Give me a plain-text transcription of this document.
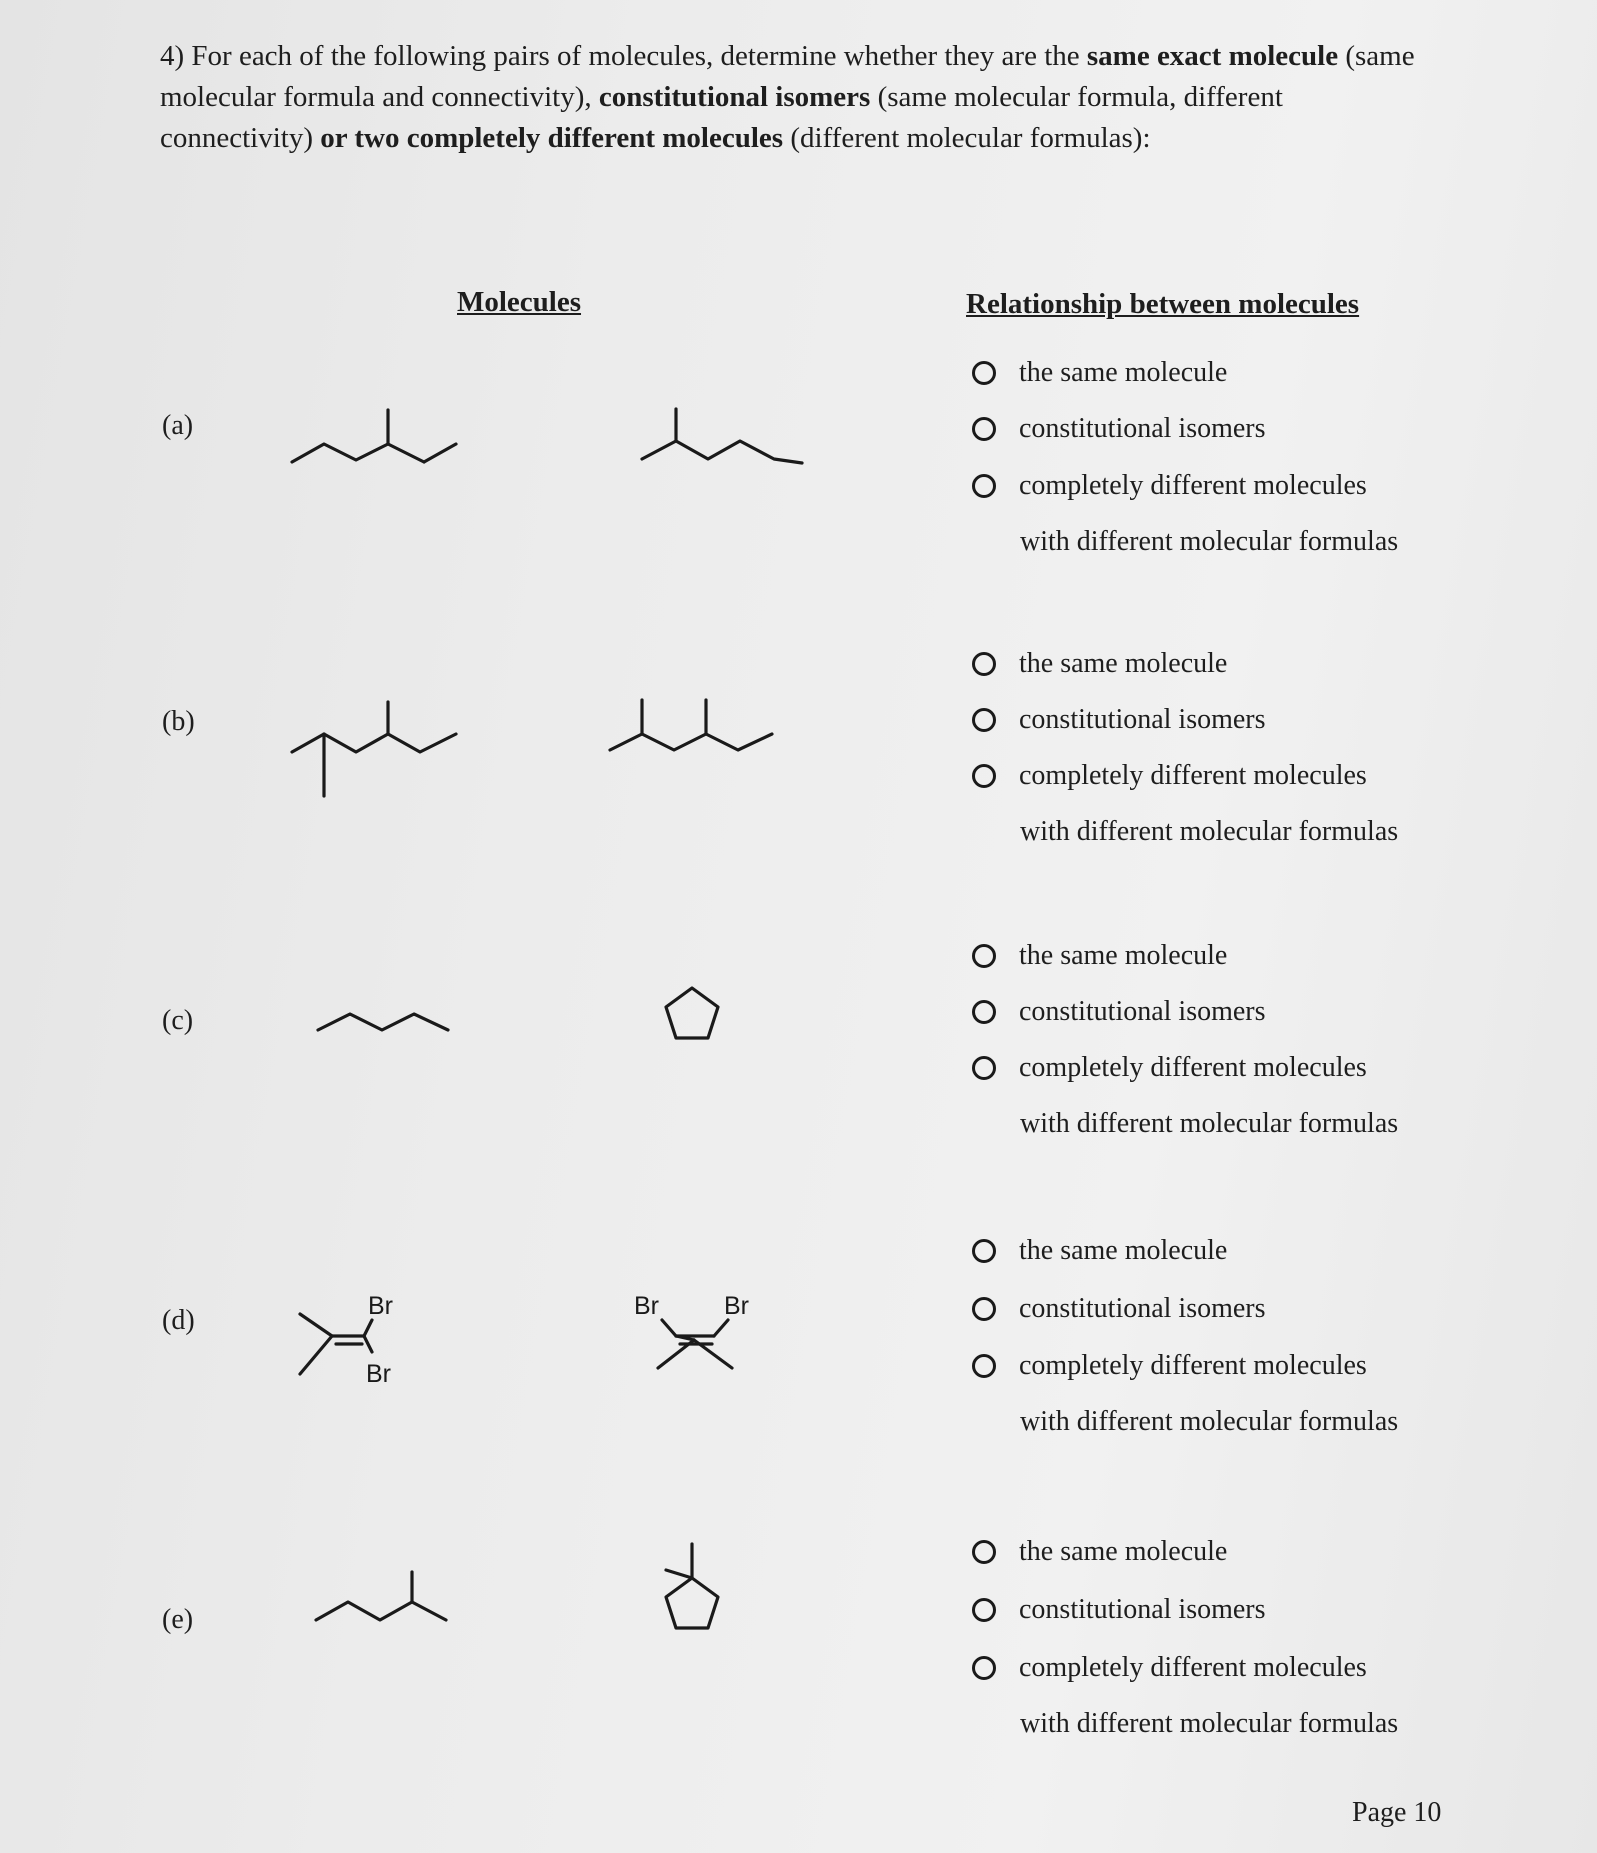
4) For each of the following pairs of molecules, determine whether they are the same exact molecule (same molecular formula and connectivity), constitutional isomers (same molecular formula, different connectivity) or two completely different molecules (different molecular formulas):
Molecules	Relationship between molecules
(a)
the same molecule
constitutional isomers
completely different molecules
with different molecular formulas
(b)
the same molecule
constitutional isomers
completely different molecules
with different molecular formulas
(c)
the same molecule
constitutional isomers
completely different molecules
with different molecular formulas
(d)	Br
Br
Br	Br
the same molecule
constitutional isomers
completely different molecules
with different molecular formulas
(e)
the same molecule
constitutional isomers
completely different molecules
with different molecular formulas
Page 10
